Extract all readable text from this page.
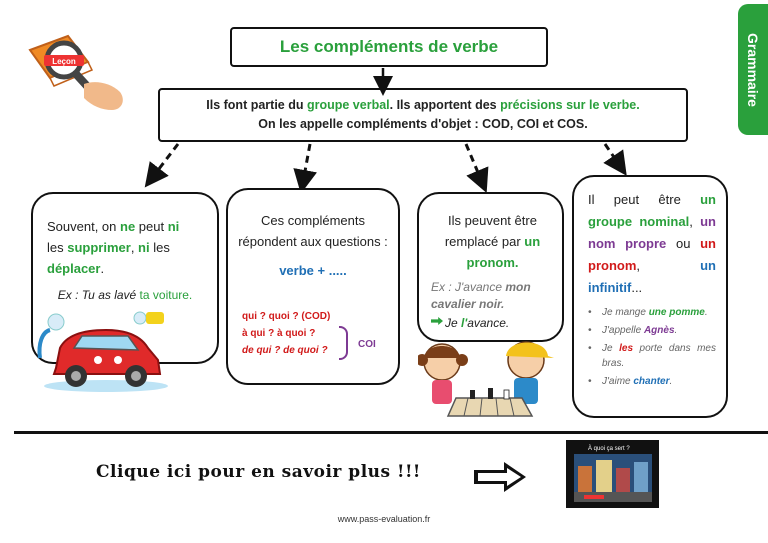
Leçon
Les compléments de verbe	Grammaire
Ils font partie du groupe verbal. Ils apportent des précisions sur le verbe.
On les appelle compléments d'objet : COD, COI et COS.
Souvent, on ne peut ni
les supprimer, ni les
déplacer.
Ex : Tu as lavé ta voiture.
Ces compléments répondent aux questions :
verbe + .....
qui ? quoi ? (COD)
à qui ? à quoi ?
de qui ? de quoi ?
COI
Ils peuvent être remplacé par un pronom.
Ex : J'avance mon cavalier noir.
Je l'avance.
Il peut être un groupe nominal, un nom propre ou un pronom, un infinitif...
• Je mange une pomme.
• J'appelle Agnès.
• Je les porte dans mes bras.
• J'aime chanter.
Clique ici pour en savoir plus !!!
À quoi ça sert ?
www.pass-evaluation.fr
